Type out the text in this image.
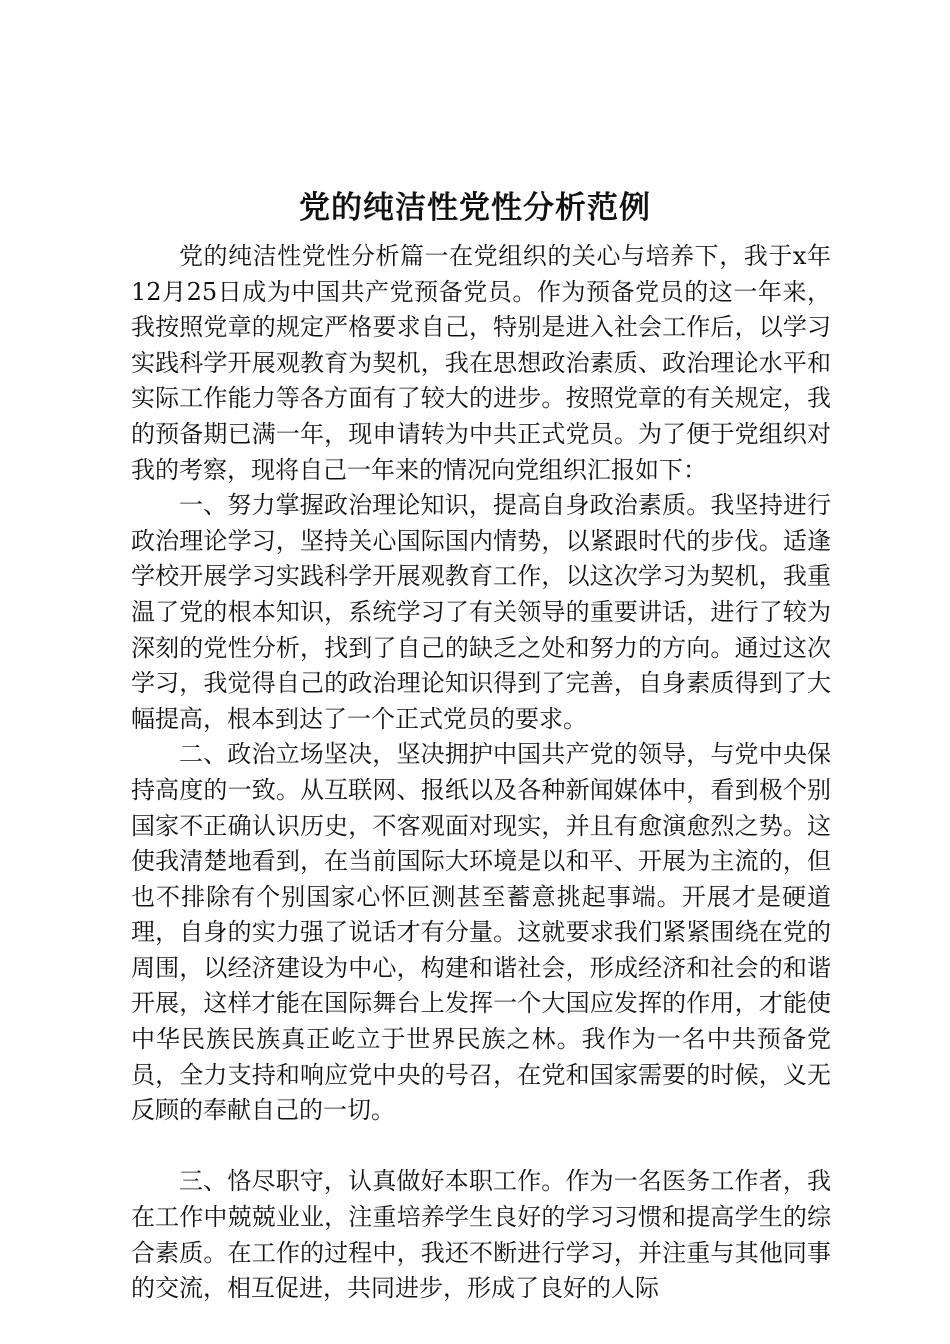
党的纯洁性党性分析范例

党的纯洁性党性分析篇一在党组织的关心与培养下，我于x年12月25日成为中国共产党预备党员。作为预备党员的这一年来，我按照党章的规定严格要求自己，特别是进入社会工作后，以学习实践科学开展观教育为契机，我在思想政治素质、政治理论水平和实际工作能力等各方面有了较大的进步。按照党章的有关规定，我的预备期已满一年，现申请转为中共正式党员。为了便于党组织对我的考察，现将自己一年来的情况向党组织汇报如下：

一、努力掌握政治理论知识，提高自身政治素质。我坚持进行政治理论学习，坚持关心国际国内情势，以紧跟时代的步伐。适逢学校开展学习实践科学开展观教育工作，以这次学习为契机，我重温了党的根本知识，系统学习了有关领导的重要讲话，进行了较为深刻的党性分析，找到了自己的缺乏之处和努力的方向。通过这次学习，我觉得自己的政治理论知识得到了完善，自身素质得到了大幅提高，根本到达了一个正式党员的要求。

二、政治立场坚决，坚决拥护中国共产党的领导，与党中央保持高度的一致。从互联网、报纸以及各种新闻媒体中，看到极个别国家不正确认识历史，不客观面对现实，并且有愈演愈烈之势。这使我清楚地看到，在当前国际大环境是以和平、开展为主流的，但也不排除有个别国家心怀叵测甚至蓄意挑起事端。开展才是硬道理，自身的实力强了说话才有分量。这就要求我们紧紧围绕在党的周围，以经济建设为中心，构建和谐社会，形成经济和社会的和谐开展，这样才能在国际舞台上发挥一个大国应发挥的作用，才能使中华民族民族真正屹立于世界民族之林。我作为一名中共预备党员，全力支持和响应党中央的号召，在党和国家需要的时候，义无反顾的奉献自己的一切。

三、恪尽职守，认真做好本职工作。作为一名医务工作者，我在工作中兢兢业业，注重培养学生良好的学习习惯和提高学生的综合素质。在工作的过程中，我还不断进行学习，并注重与其他同事的交流，相互促进，共同进步，形成了良好的人际
